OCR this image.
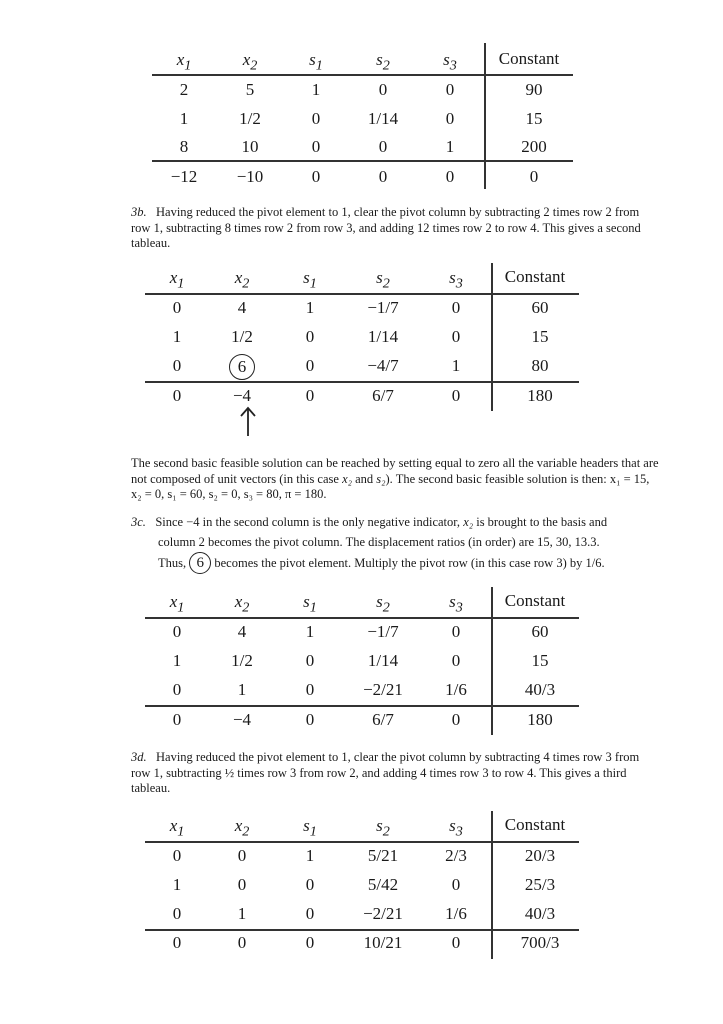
$x_1$	$x_2$	$s_1$	$s_2$	$s_3$	Constant
2	5	1	0	0	90
1	1/2	0	1/14	0	15
8	10	0	0	1	200
−12	−10	0	0	0	0
3b. Having reduced the pivot element to 1, clear the pivot column by subtracting 2 times row 2 from row 1, subtracting 8 times row 2 from row 3, and adding 12 times row 2 to row 4. This gives a second tableau.
$x_1$	$x_2$	$s_1$	$s_2$	$s_3$	Constant
0	4	1	−1/7	0	60
1	1/2	0	1/14	0	15
0	6	0	−4/7	1	80
0	−4	0	6/7	0	180
The second basic feasible solution can be reached by setting equal to zero all the variable headers that are not composed of unit vectors (in this case x₂ and s₂). The second basic feasible solution is then: x₁ = 15, x₂ = 0, s₁ = 60, s₂ = 0, s₃ = 80, π = 180.
3c. Since −4 in the second column is the only negative indicator, x₂ is brought to the basis and
column 2 becomes the pivot column. The displacement ratios (in order) are 15, 30, 13.3.
Thus, 6 becomes the pivot element. Multiply the pivot row (in this case row 3) by 1/6.
$x_1$	$x_2$	$s_1$	$s_2$	$s_3$	Constant
0	4	1	−1/7	0	60
1	1/2	0	1/14	0	15
0	1	0	−2/21	1/6	40/3
0	−4	0	6/7	0	180
3d. Having reduced the pivot element to 1, clear the pivot column by subtracting 4 times row 3 from row 1, subtracting ½ times row 3 from row 2, and adding 4 times row 3 to row 4. This gives a third tableau.
$x_1$	$x_2$	$s_1$	$s_2$	$s_3$	Constant
0	0	1	5/21	2/3	20/3
1	0	0	5/42	0	25/3
0	1	0	−2/21	1/6	40/3
0	0	0	10/21	0	700/3
